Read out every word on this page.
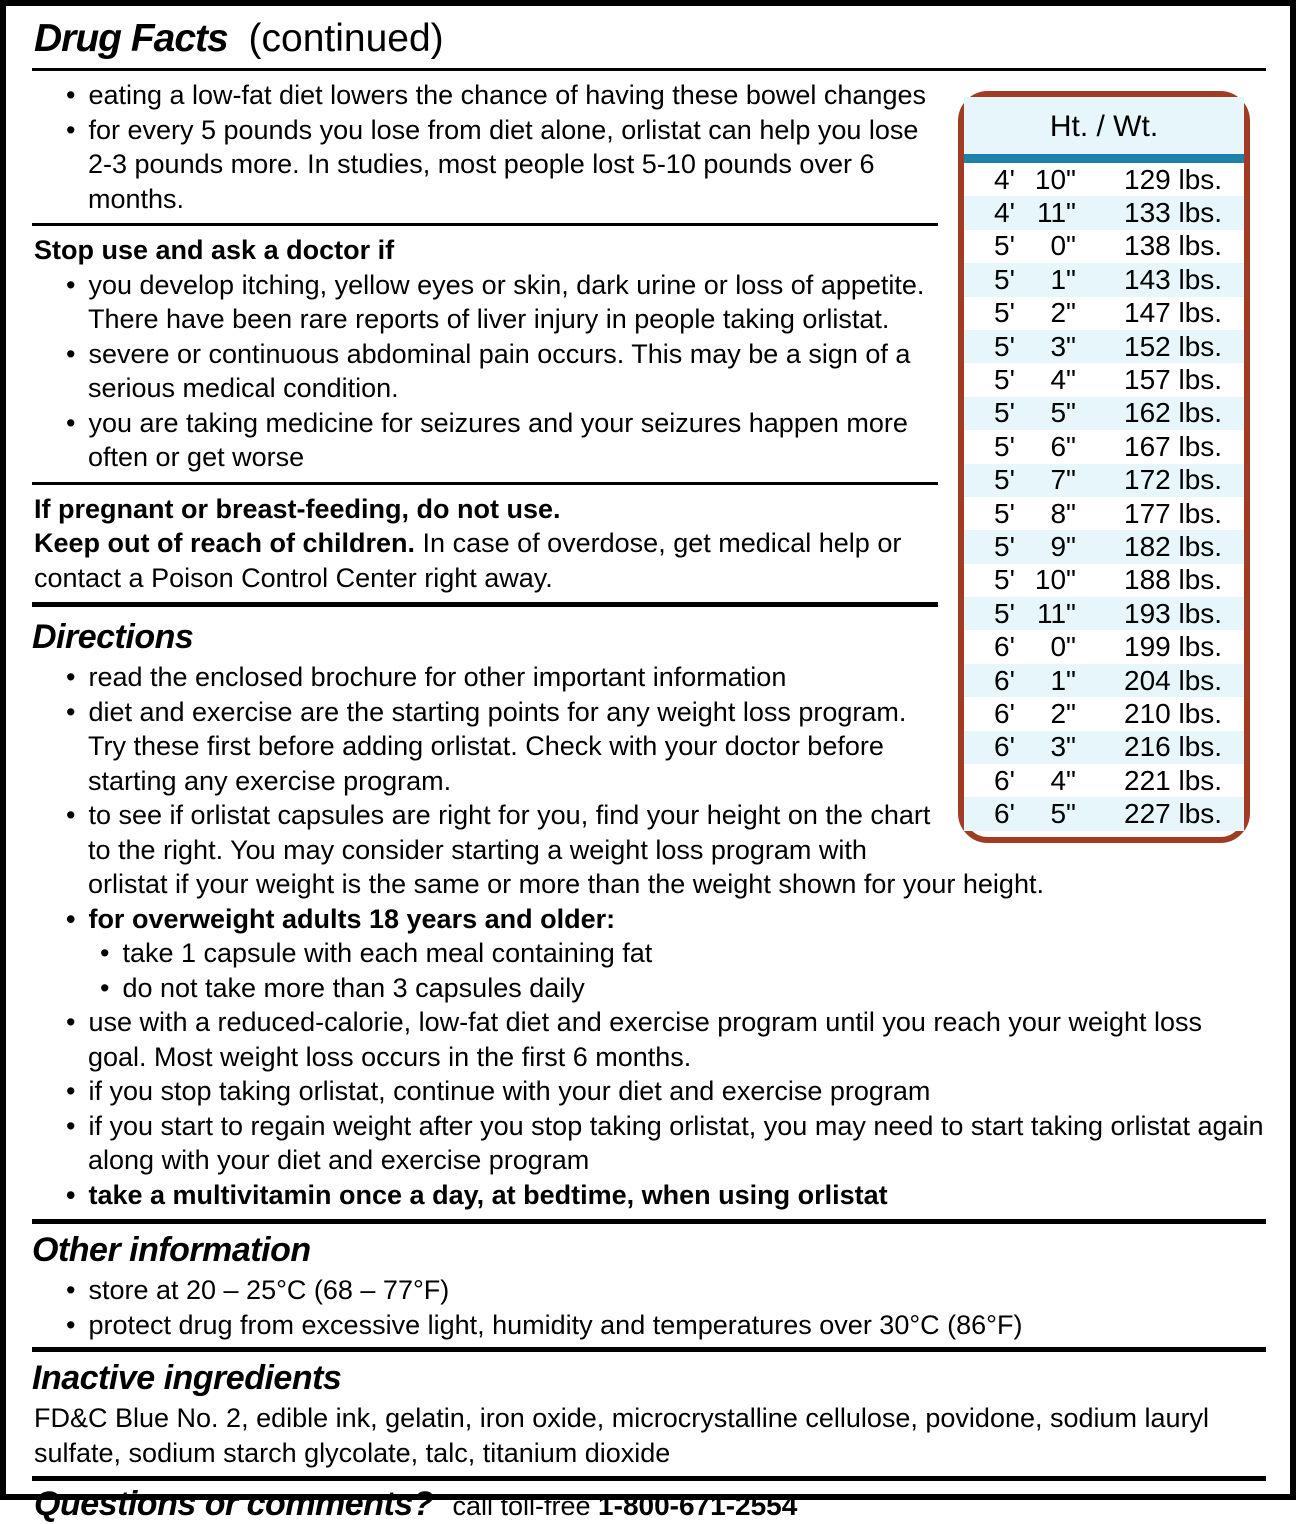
Drug Facts (continued)
Ht. / Wt.
4' 10" 129 lbs.
4' 11" 133 lbs.
5'	0" 138 lbs.
5'	1" 143 lbs.
5'	2" 147 lbs.
5'	3" 152 lbs.
5'	4" 157 lbs.
5'	5" 162 lbs.
5'	6" 167 lbs.
5'	7" 172 lbs.
5'	8" 177 lbs.
5'	9" 182 lbs.
5' 10" 188 lbs.
5' 11" 193 lbs.
6'	0" 199 lbs.
6'	1" 204 lbs.
6'	2" 210 lbs.
6'	3" 216 lbs.
6'	4" 221 lbs.
6'	5" 227 lbs.
• eating a low-fat diet lowers the chance of having these bowel changes
• for every 5 pounds you lose from diet alone, orlistat can help you lose 2-3 pounds more. In studies, most people lost 5-10 pounds over 6 months.
Stop use and ask a doctor if
• you develop itching, yellow eyes or skin, dark urine or loss of appetite. There have been rare reports of liver injury in people taking orlistat.
• severe or continuous abdominal pain occurs. This may be a sign of a serious medical condition.
• you are taking medicine for seizures and your seizures happen more often or get worse
If pregnant or breast-feeding, do not use.
Keep out of reach of children. In case of overdose, get medical help or contact a Poison Control Center right away.
Directions
• read the enclosed brochure for other important information
• diet and exercise are the starting points for any weight loss program. Try these first before adding orlistat. Check with your doctor before starting any exercise program.
• to see if orlistat capsules are right for you, find your height on the chart to the right. You may consider starting a weight loss program with orlistat if your weight is the same or more than the weight shown for your height.
• for overweight adults 18 years and older:
• take 1 capsule with each meal containing fat
• do not take more than 3 capsules daily
• use with a reduced-calorie, low-fat diet and exercise program until you reach your weight loss goal. Most weight loss occurs in the first 6 months.
• if you stop taking orlistat, continue with your diet and exercise program
• if you start to regain weight after you stop taking orlistat, you may need to start taking orlistat again along with your diet and exercise program
• take a multivitamin once a day, at bedtime, when using orlistat
Other information
• store at 20 – 25°C (68 – 77°F)
• protect drug from excessive light, humidity and temperatures over 30°C (86°F)
Inactive ingredients
FD&C Blue No. 2, edible ink, gelatin, iron oxide, microcrystalline cellulose, povidone, sodium lauryl sulfate, sodium starch glycolate, talc, titanium dioxide
Questions or comments? call toll-free 1-800-671-2554
